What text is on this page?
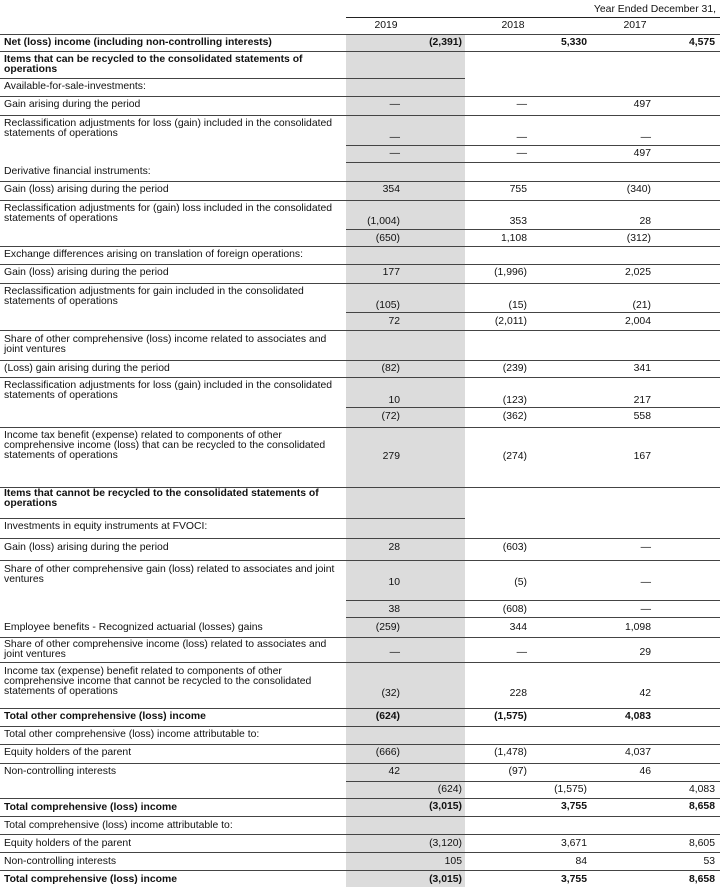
Year Ended December 31,
2019	2018	2017
Net (loss) income (including non-controlling interests)	(2,391)	5,330	4,575
Items that can be recycled to the consolidated statements of operations
Available-for-sale-investments:
Gain arising during the period	—	—	497
Reclassification adjustments for loss (gain) included in the consolidated statements of operations	—	—	—
—	—	497
Derivative financial instruments:
Gain (loss) arising during the period	354	755	(340)
Reclassification adjustments for (gain) loss included in the consolidated statements of operations	(1,004)	353	28
(650)	1,108	(312)
Exchange differences arising on translation of foreign operations:
Gain (loss) arising during the period	177	(1,996)	2,025
Reclassification adjustments for gain included in the consolidated statements of operations	(105)	(15)	(21)
72	(2,011)	2,004
Share of other comprehensive (loss) income related to associates and joint ventures
(Loss) gain arising during the period	(82)	(239)	341
Reclassification adjustments for loss (gain) included in the consolidated statements of operations	10	(123)	217
(72)	(362)	558
Income tax benefit (expense) related to components of other comprehensive income (loss) that can be recycled to the consolidated statements of operations	279	(274)	167
Items that cannot be recycled to the consolidated statements of operations
Investments in equity instruments at FVOCI:
Gain (loss) arising during the period	28	(603)	—
Share of other comprehensive gain (loss) related to associates and joint ventures	10	(5)	—
38	(608)	—
Employee benefits - Recognized actuarial (losses) gains	(259)	344	1,098
Share of other comprehensive income (loss) related to associates and joint ventures	—	—	29
Income tax (expense) benefit related to components of other comprehensive income that cannot be recycled to the consolidated statements of operations	(32)	228	42
Total other comprehensive (loss) income	(624)	(1,575)	4,083
Total other comprehensive (loss) income attributable to:
Equity holders of the parent	(666)	(1,478)	4,037
Non-controlling interests	42	(97)	46
(624)	(1,575)	4,083
Total comprehensive (loss) income	(3,015)	3,755	8,658
Total comprehensive (loss) income attributable to:
Equity holders of the parent	(3,120)	3,671	8,605
Non-controlling interests	105	84	53
Total comprehensive (loss) income	(3,015)	3,755	8,658
